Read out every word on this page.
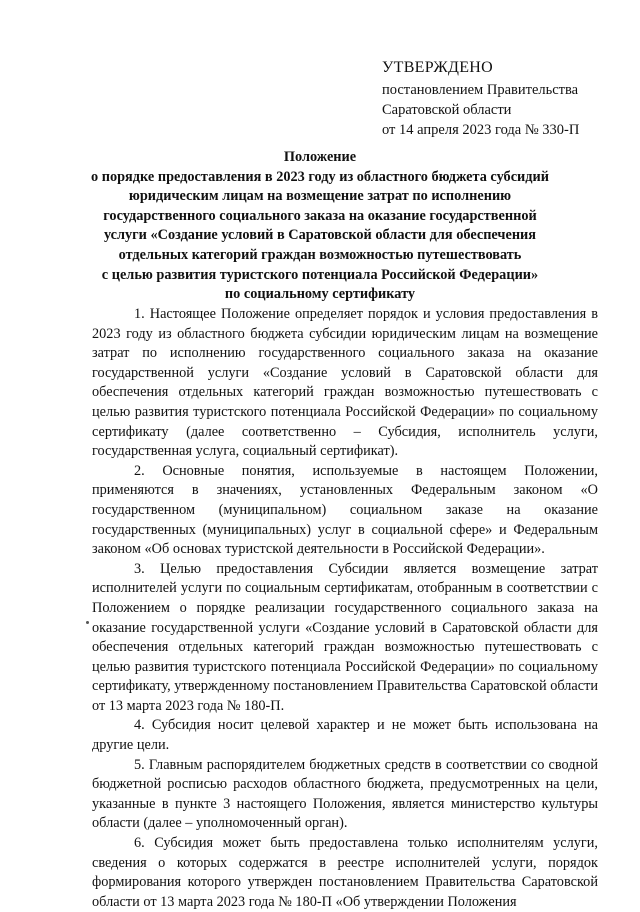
УТВЕРЖДЕНО
постановлением Правительства
Саратовской области
от 14 апреля 2023 года № 330-П
Положение
о порядке предоставления в 2023 году из областного бюджета субсидий
юридическим лицам на возмещение затрат по исполнению
государственного социального заказа на оказание государственной
услуги «Создание условий в Саратовской области для обеспечения
отдельных категорий граждан возможностью путешествовать
с целью развития туристского потенциала Российской Федерации»
по социальному сертификату

1. Настоящее Положение определяет порядок и условия предоставления в 2023 году из областного бюджета субсидии юридическим лицам на возмещение затрат по исполнению государственного социального заказа на оказание государственной услуги «Создание условий в Саратовской области для обеспечения отдельных категорий граждан возможностью путешествовать с целью развития туристского потенциала Российской Федерации» по социальному сертификату (далее соответственно – Субсидия, исполнитель услуги, государственная услуга, социальный сертификат).

2. Основные понятия, используемые в настоящем Положении, применяются в значениях, установленных Федеральным законом «О государственном (муниципальном) социальном заказе на оказание государственных (муниципальных) услуг в социальной сфере» и Федеральным законом «Об основах туристской деятельности в Российской Федерации».

3. Целью предоставления Субсидии является возмещение затрат исполнителей услуги по социальным сертификатам, отобранным в соответствии с Положением о порядке реализации государственного социального заказа на оказание государственной услуги «Создание условий в Саратовской области для обеспечения отдельных категорий граждан возможностью путешествовать с целью развития туристского потенциала Российской Федерации» по социальному сертификату, утвержденному постановлением Правительства Саратовской области от 13 марта 2023 года № 180-П.

4. Субсидия носит целевой характер и не может быть использована на другие цели.

5. Главным распорядителем бюджетных средств в соответствии со сводной бюджетной росписью расходов областного бюджета, предусмотренных на цели, указанные в пункте 3 настоящего Положения, является министерство культуры области (далее – уполномоченный орган).

6. Субсидия может быть предоставлена только исполнителям услуги, сведения о которых содержатся в реестре исполнителей услуги, порядок формирования которого утвержден постановлением Правительства Саратовской области от 13 марта 2023 года № 180-П «Об утверждении Положения
